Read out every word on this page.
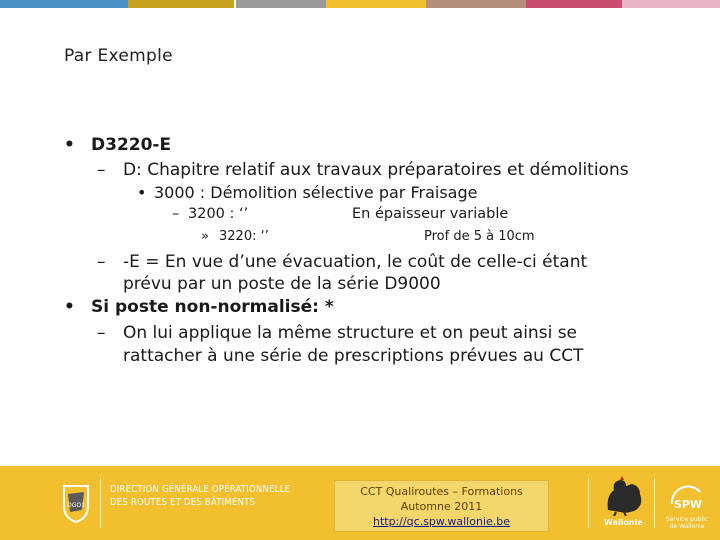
Par Exemple
• D3220-E
– D: Chapitre relatif aux travaux préparatoires et démolitions
• 3000 : Démolition sélective par Fraisage
– 3200 : ‘’	En épaisseur variable
» 3220: ‘’	Prof de 5 à 10cm
– -E = En vue d’une évacuation, le coût de celle-ci étant
prévu par un poste de la série D9000
• Si poste non-normalisé: *
– On lui applique la même structure et on peut ainsi se
rattacher à une série de prescriptions prévues au CCT
DGO1
DIRECTION GÉNÉRALE OPÉRATIONNELLE
DES ROUTES ET DES BÂTIMENTS
CCT Qualiroutes – Formations
Automne 2011
http://qc.spw.wallonie.be	Wallonie
SPW
Service public
de Wallonie
